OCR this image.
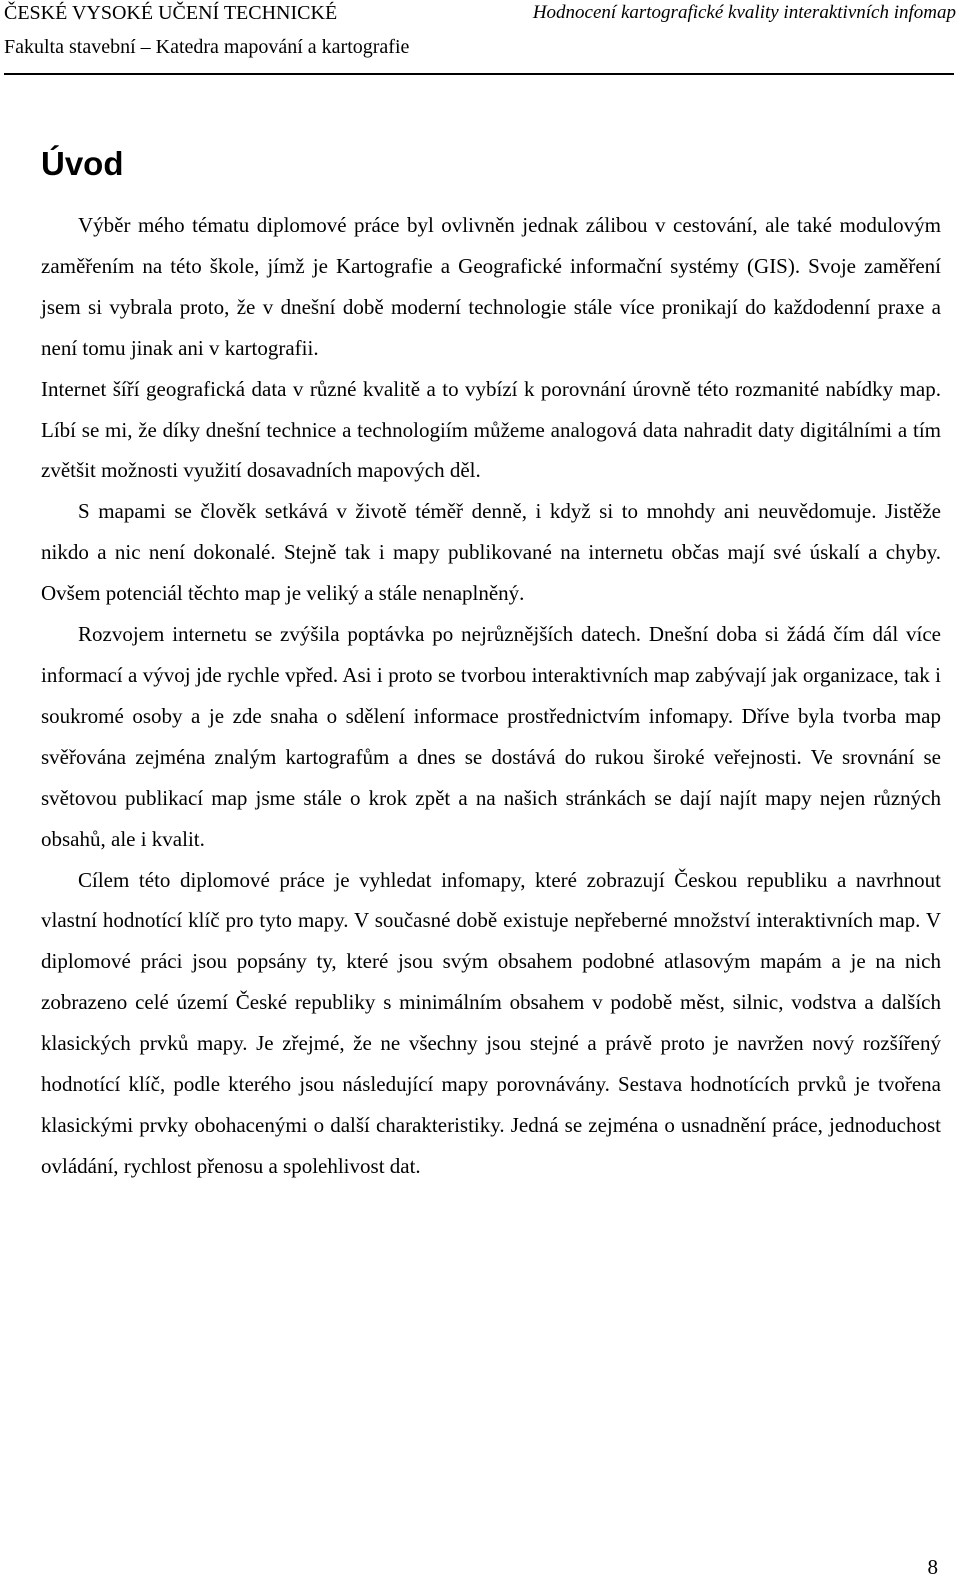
ČESKÉ VYSOKÉ UČENÍ TECHNICKÉ
Fakulta stavební – Katedra mapování a kartografie
Hodnocení kartografické kvality interaktivních infomap
Úvod

Výběr mého tématu diplomové práce byl ovlivněn jednak zálibou v cestování, ale také modulovým zaměřením na této škole, jímž je Kartografie a Geografické informační systémy (GIS). Svoje zaměření jsem si vybrala proto, že v dnešní době moderní technologie stále více pronikají do každodenní praxe a není tomu jinak ani v kartografii.

Internet šíří geografická data v různé kvalitě a to vybízí k porovnání úrovně této rozmanité nabídky map. Líbí se mi, že díky dnešní technice a technologiím můžeme analogová data nahradit daty digitálními a tím zvětšit možnosti využití dosavadních mapových děl.

S mapami se člověk setkává v životě téměř denně, i když si to mnohdy ani neuvědomuje. Jistěže nikdo a nic není dokonalé. Stejně tak i mapy publikované na internetu občas mají své úskalí a chyby. Ovšem potenciál těchto map je veliký a stále nenaplněný.

Rozvojem internetu se zvýšila poptávka po nejrůznějších datech. Dnešní doba si žádá čím dál více informací a vývoj jde rychle vpřed. Asi i proto se tvorbou interaktivních map zabývají jak organizace, tak i soukromé osoby a je zde snaha o sdělení informace prostřednictvím infomapy. Dříve byla tvorba map svěřována zejména znalým kartografům a dnes se dostává do rukou široké veřejnosti. Ve srovnání se světovou publikací map jsme stále o krok zpět a na našich stránkách se dají najít mapy nejen různých obsahů, ale i kvalit.

Cílem této diplomové práce je vyhledat infomapy, které zobrazují Českou republiku a navrhnout vlastní hodnotící klíč pro tyto mapy. V současné době existuje nepřeberné množství interaktivních map. V diplomové práci jsou popsány ty, které jsou svým obsahem podobné atlasovým mapám a je na nich zobrazeno celé území České republiky s minimálním obsahem v podobě měst, silnic, vodstva a dalších klasických prvků mapy. Je zřejmé, že ne všechny jsou stejné a právě proto je navržen nový rozšířený hodnotící klíč, podle kterého jsou následující mapy porovnávány. Sestava hodnotících prvků je tvořena klasickými prvky obohacenými o další charakteristiky. Jedná se zejména o usnadnění práce, jednoduchost ovládání, rychlost přenosu a spolehlivost dat.

8
